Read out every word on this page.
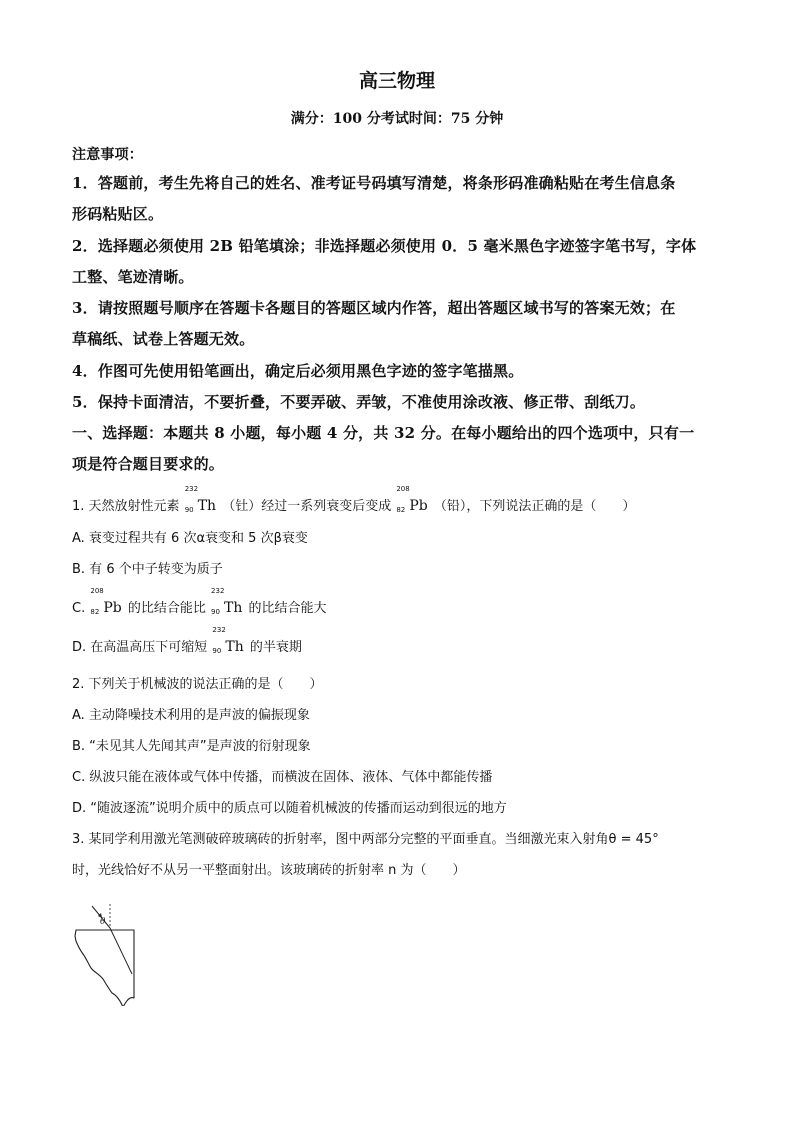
高三物理
满分：100 分考试时间：75 分钟
注意事项：
1．答题前，考生先将自己的姓名、准考证号码填写清楚，将条形码准确粘贴在考生信息条
形码粘贴区。
2．选择题必须使用 2B 铅笔填涂；非选择题必须使用 0．5 毫米黑色字迹签字笔书写，字体
工整、笔迹清晰。
3．请按照题号顺序在答题卡各题目的答题区域内作答，超出答题区域书写的答案无效；在
草稿纸、试卷上答题无效。
4．作图可先使用铅笔画出，确定后必须用黑色字迹的签字笔描黑。
5．保持卡面清洁，不要折叠，不要弄破、弄皱，不准使用涂改液、修正带、刮纸刀。
一、选择题：本题共 8 小题，每小题 4 分，共 32 分。在每小题给出的四个选项中，只有一
项是符合题目要求的。
1. 天然放射性元素
232
90 Th （钍）经过一系列衰变后变成
208
82 Pb （铅），下列说法正确的是（　　）
A. 衰变过程共有 6 次α衰变和 5 次β衰变
B. 有 6 个中子转变为质子
C.
208
82 Pb 的比结合能比
232
90 Th 的比结合能大
D. 在高温高压下可缩短
232
90 Th 的半衰期
2. 下列关于机械波的说法正确的是（　　）
A. 主动降噪技术利用的是声波的偏振现象
B. “未见其人先闻其声”是声波的衍射现象
C. 纵波只能在液体或气体中传播，而横波在固体、液体、气体中都能传播
D. “随波逐流”说明介质中的质点可以随着机械波的传播而运动到很远的地方
3. 某同学利用激光笔测破碎玻璃砖的折射率，图中两部分完整的平面垂直。当细激光束入射角θ = 45°
时，光线恰好不从另一平整面射出。该玻璃砖的折射率 n 为（　　）
θ
